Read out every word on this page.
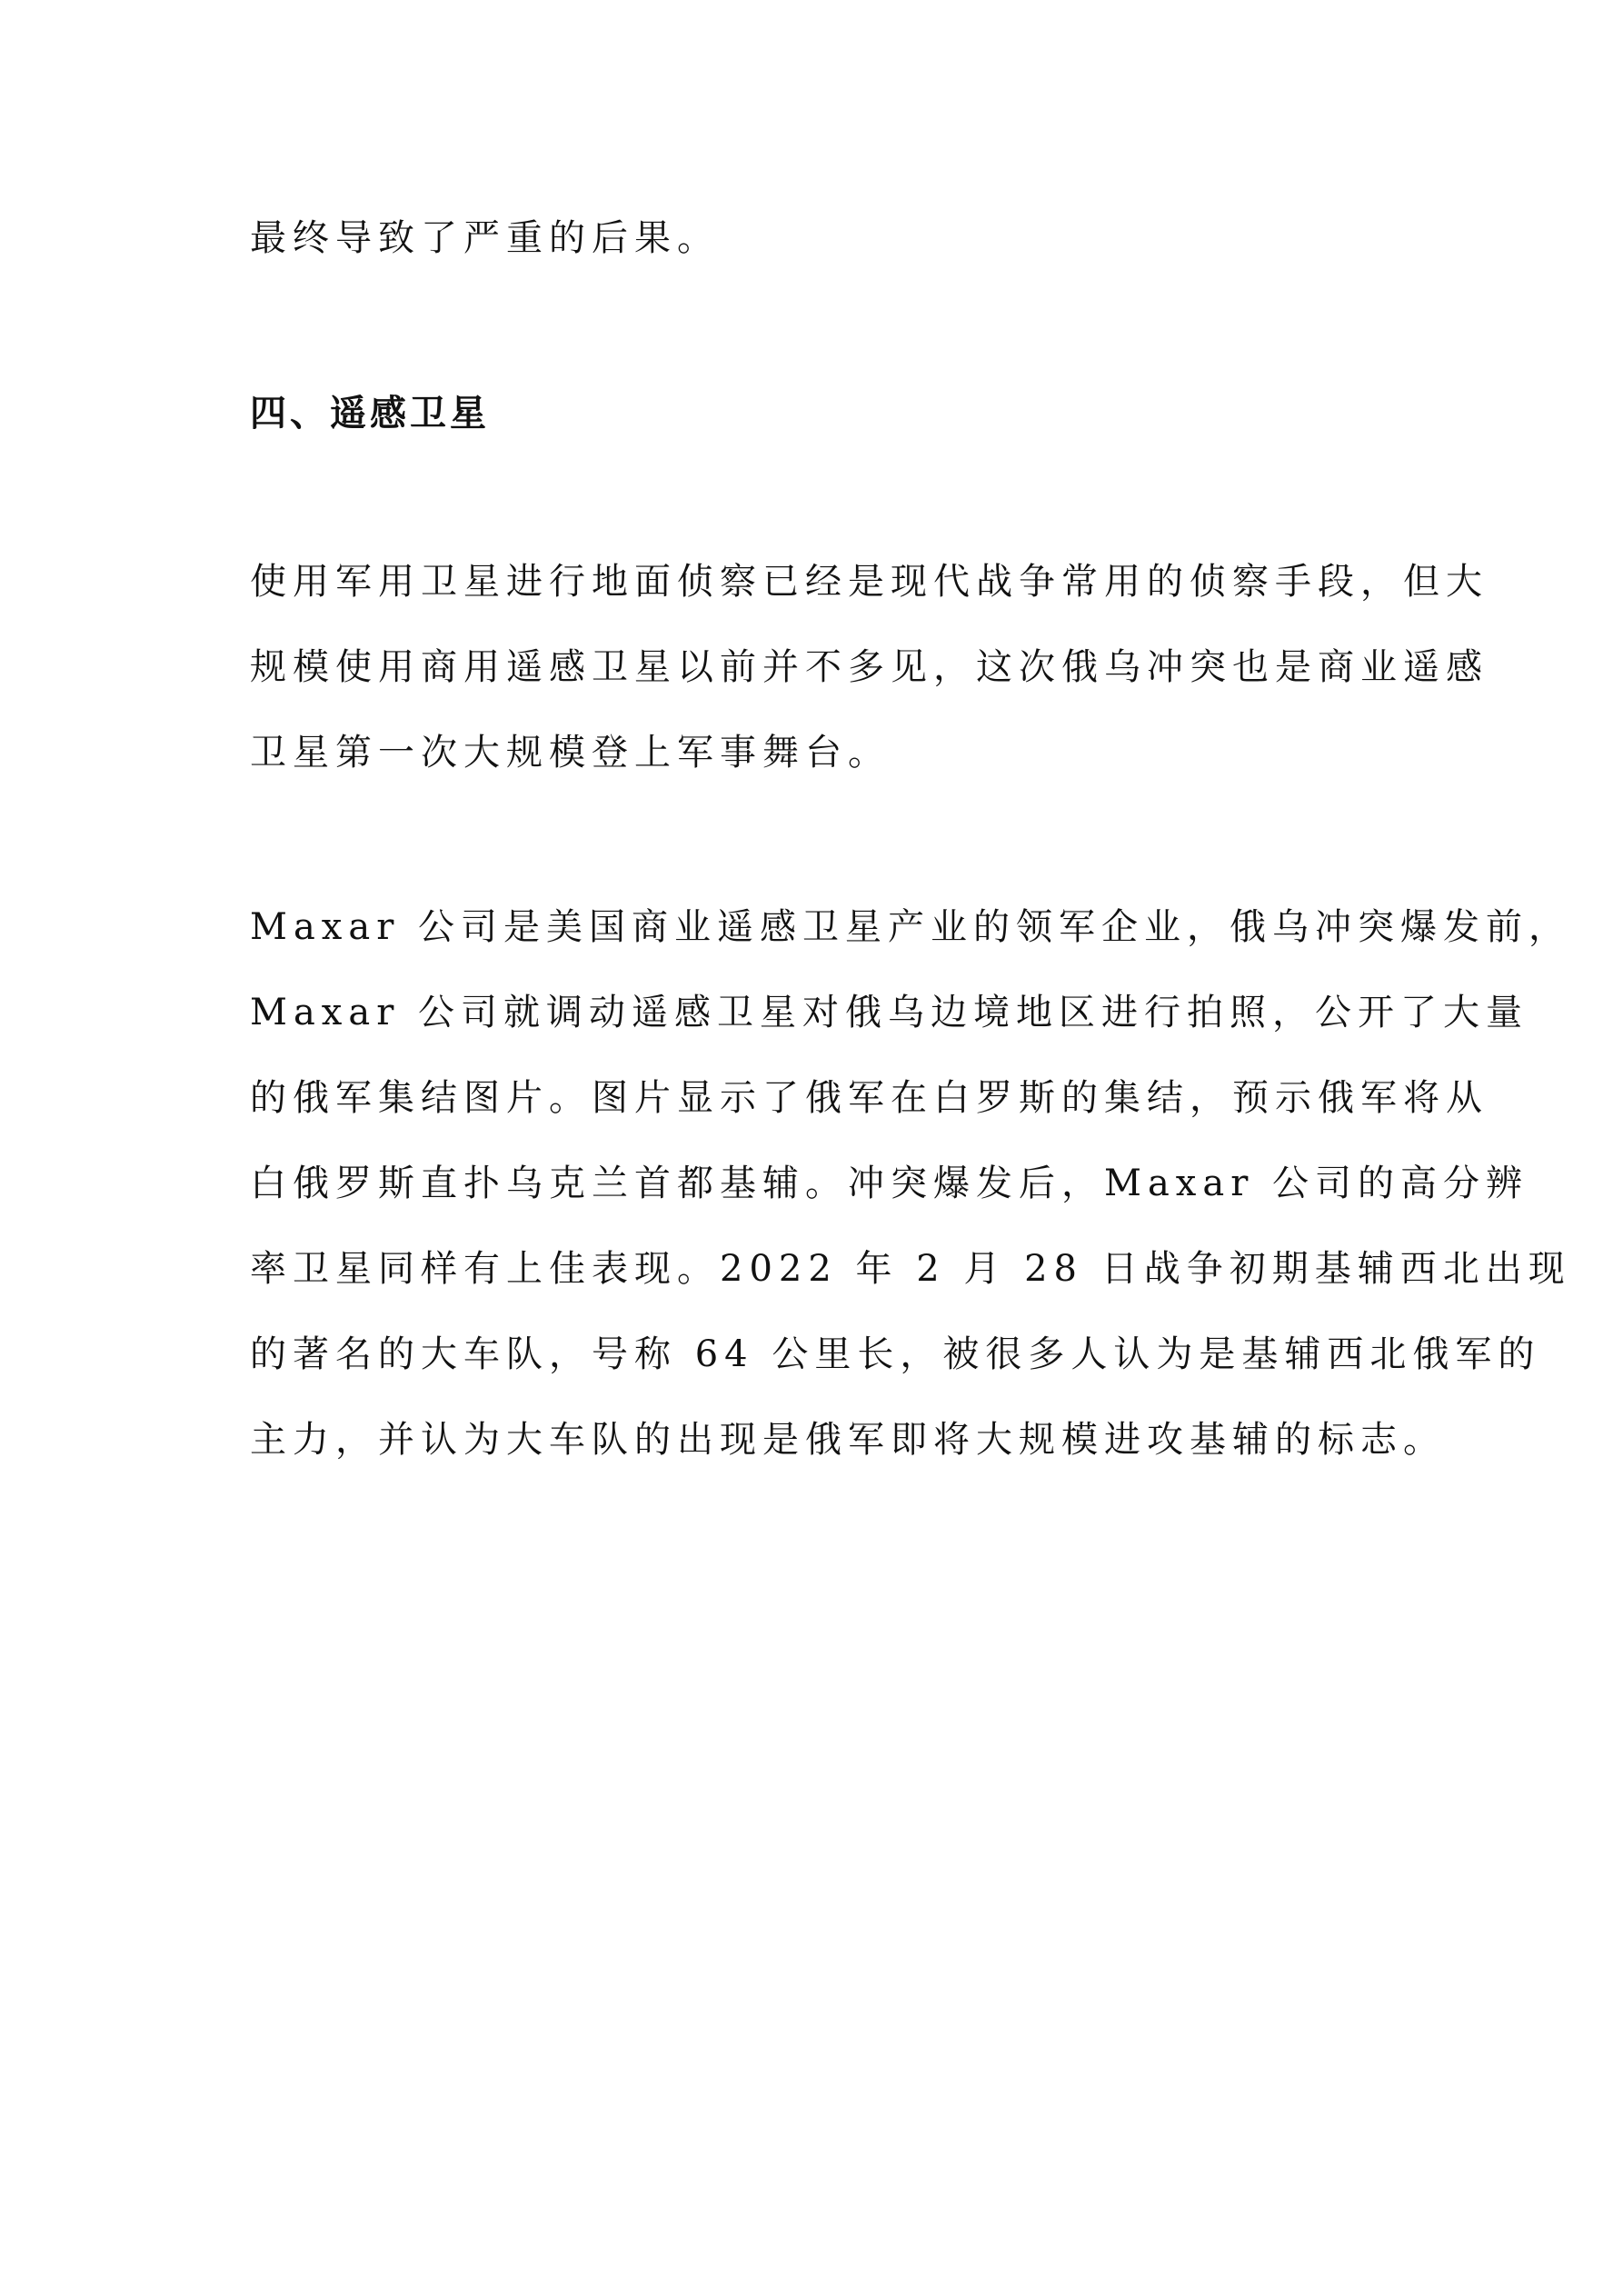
最终导致了严重的后果。
四、遥感卫星
使用军用卫星进行地面侦察已经是现代战争常用的侦察手段，但大
规模使用商用遥感卫星以前并不多见，这次俄乌冲突也是商业遥感
卫星第一次大规模登上军事舞台。
Maxar 公司是美国商业遥感卫星产业的领军企业，俄乌冲突爆发前，
Maxar 公司就调动遥感卫星对俄乌边境地区进行拍照，公开了大量
的俄军集结图片。图片显示了俄军在白罗斯的集结，预示俄军将从
白俄罗斯直扑乌克兰首都基辅。冲突爆发后，Maxar 公司的高分辨
率卫星同样有上佳表现。2022 年 2 月 28 日战争初期基辅西北出现
的著名的大车队，号称 64 公里长，被很多人认为是基辅西北俄军的
主力，并认为大车队的出现是俄军即将大规模进攻基辅的标志。
